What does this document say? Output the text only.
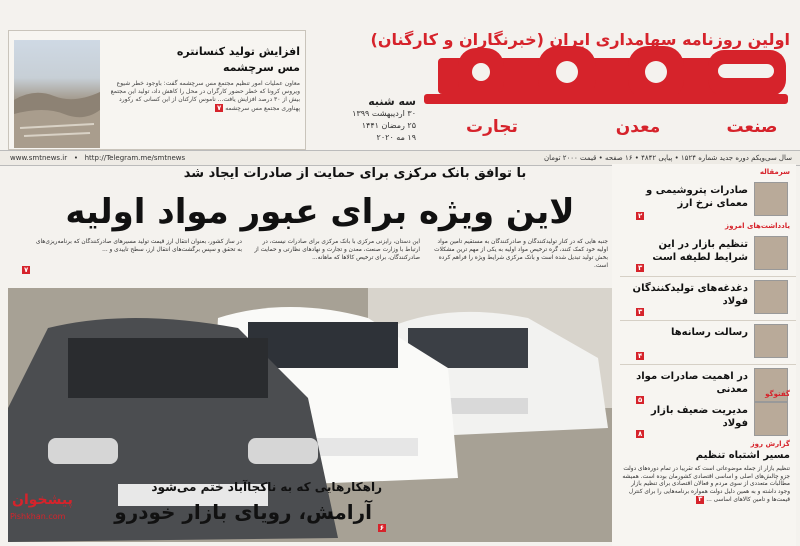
صنعت
معدن
تجارت
اولین روزنامه سهامداری ایران (خبرنگاران و کارگنان)
سه شنبه
۳۰ اردیبهشت ۱۳۹۹
۲۵ رمضان ۱۴۴۱
۱۹ مه ۲۰۲۰
افزایش تولید کنسانتره
مس سرچشمه
معاون عملیات امور تنظیم مجتمع مس سرچشمه گفت: باوجود خطر شیوع ویروس کرونا که خطر حضور کارگران در محل را کاهش داد، تولید این مجتمع بیش از ۳۰ درصد افزایش یافت... ناموس کارکنان از این کسانی که رکورد پهناوری مجتمع مس سرچشمه ۷
سال سی‌ویکم دوره جدید شماره ۱۵۲۴ • پیاپی ۴۸۴۲ • ۱۶ صفحه • قیمت ۲۰۰۰ تومان
www.smtnews.ir   •   http://Telegram.me/smtnews
با توافق بانک مرکزی برای حمایت از صادرات ایجاد شد
لاین ویژه برای عبور مواد اولیه
جنبه هایی که در کنار تولیدکنندگان و صادرکنندگان به مستقیم تامین مواد اولیه خود کمک کنند، گره ترخیص مواد اولیه به یکی از مهم ترین مشکلات بخش تولید تبدیل شده است و بانک مرکزی شرایط ویژه را فراهم کرده است.
این دستان، رایزنی مرکزی با بانک مرکزی برای صادرات نیست، در ارتباط با وزارت صنعت، معدن و تجارت و نهادهای نظارتی و حمایت از صادرکنندگان، برای ترخیص کالاها که ماهانه...
در ساز کشور، بعنوان انتقال ارز قیمت تولید مسیرهای صادرکنندگان که برنامه‌ریزی‌های به تحقق و سپس برگشت‌های انتقال ارز، سطح تاییدی و ...
۷
راهکارهایی که به ناکجاآباد ختم می‌شود
آرامش، رویای بازار خودرو
۶
پیشخوان
Pishkhan.com
سرمقاله
صادرات پتروشیمی و معمای نرخ ارز
۲
یادداشت‌های امروز
تنظیم بازار در این شرایط لطیفه است
۳
دغدغه‌های تولیدکنندگان فولاد
۳
رسالت رسانه‌ها
۴
در اهمیت صادرات مواد معدنی
۵
گفتوگو
مدیریت ضعیف بازار فولاد
۸
گزارش روز
مسیر اشتباه تنظیم
تنظیم بازار از جمله موضوعاتی است که تقریبا در تمام دوره‌های دولت جزو چالش‌های اصلی و اساسی اقتصادی کشورمان بوده است. همیشه مطالبات متعددی از سوی مردم و فعالان اقتصادی برای تنظیم بازار وجود داشته و به همین دلیل دولت همواره برنامه‌هایی را برای کنترل قیمت‌ها و تامین کالاهای اساسی ... ۳
